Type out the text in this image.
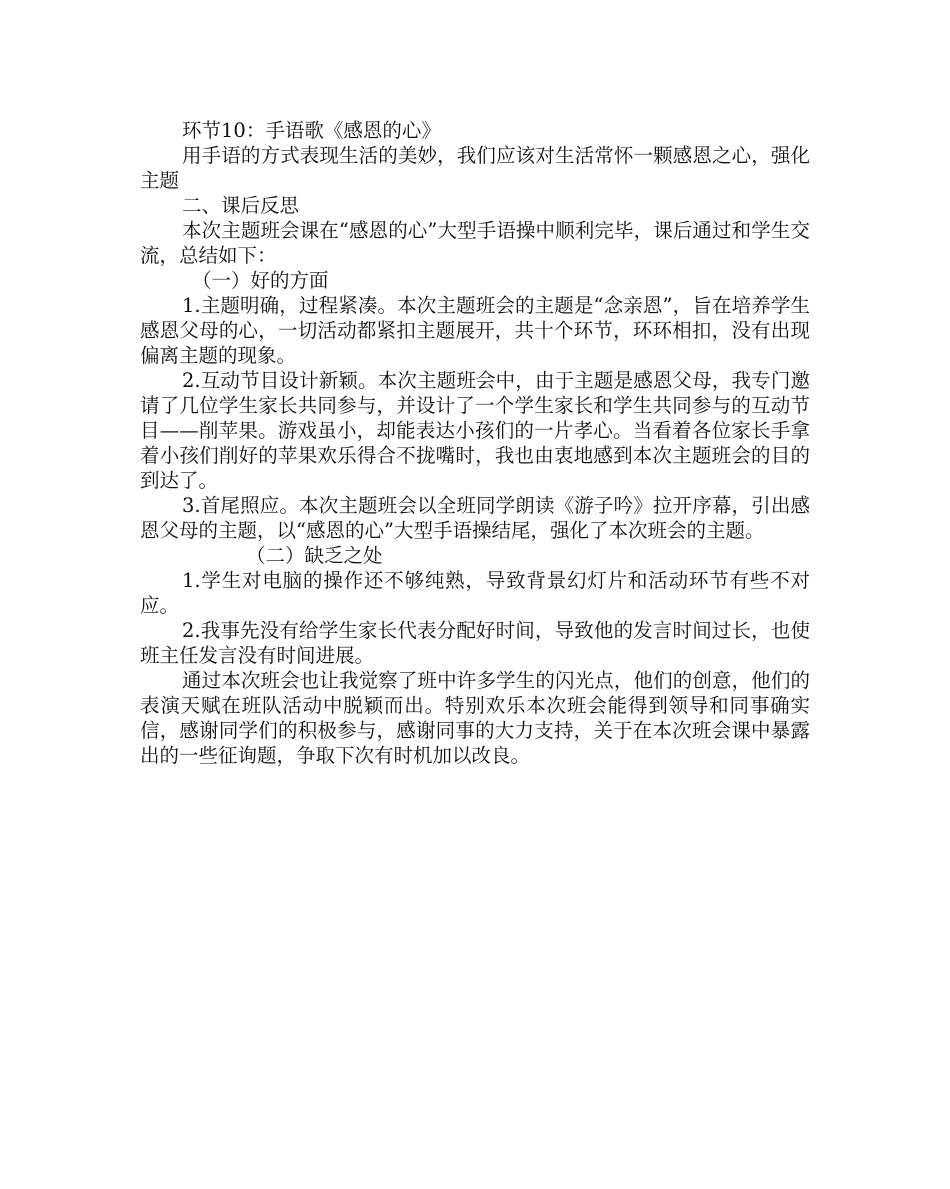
环节10：手语歌《感恩的心》

用手语的方式表现生活的美妙，我们应该对生活常怀一颗感恩之心，强化主题

二、课后反思

本次主题班会课在“感恩的心”大型手语操中顺利完毕，课后通过和学生交流，总结如下：

（一）好的方面

1.主题明确，过程紧凑。本次主题班会的主题是“念亲恩”，旨在培养学生感恩父母的心，一切活动都紧扣主题展开，共十个环节，环环相扣，没有出现偏离主题的现象。

2.互动节目设计新颖。本次主题班会中，由于主题是感恩父母，我专门邀请了几位学生家长共同参与，并设计了一个学生家长和学生共同参与的互动节目——削苹果。游戏虽小，却能表达小孩们的一片孝心。当看着各位家长手拿着小孩们削好的苹果欢乐得合不拢嘴时，我也由衷地感到本次主题班会的目的到达了。

3.首尾照应。本次主题班会以全班同学朗读《游子吟》拉开序幕，引出感恩父母的主题，以“感恩的心”大型手语操结尾，强化了本次班会的主题。

（二）缺乏之处

1.学生对电脑的操作还不够纯熟，导致背景幻灯片和活动环节有些不对应。

2.我事先没有给学生家长代表分配好时间，导致他的发言时间过长，也使班主任发言没有时间进展。

通过本次班会也让我觉察了班中许多学生的闪光点，他们的创意，他们的表演天赋在班队活动中脱颖而出。特别欢乐本次班会能得到领导和同事确实信，感谢同学们的积极参与，感谢同事的大力支持，关于在本次班会课中暴露出的一些征询题，争取下次有时机加以改良。
